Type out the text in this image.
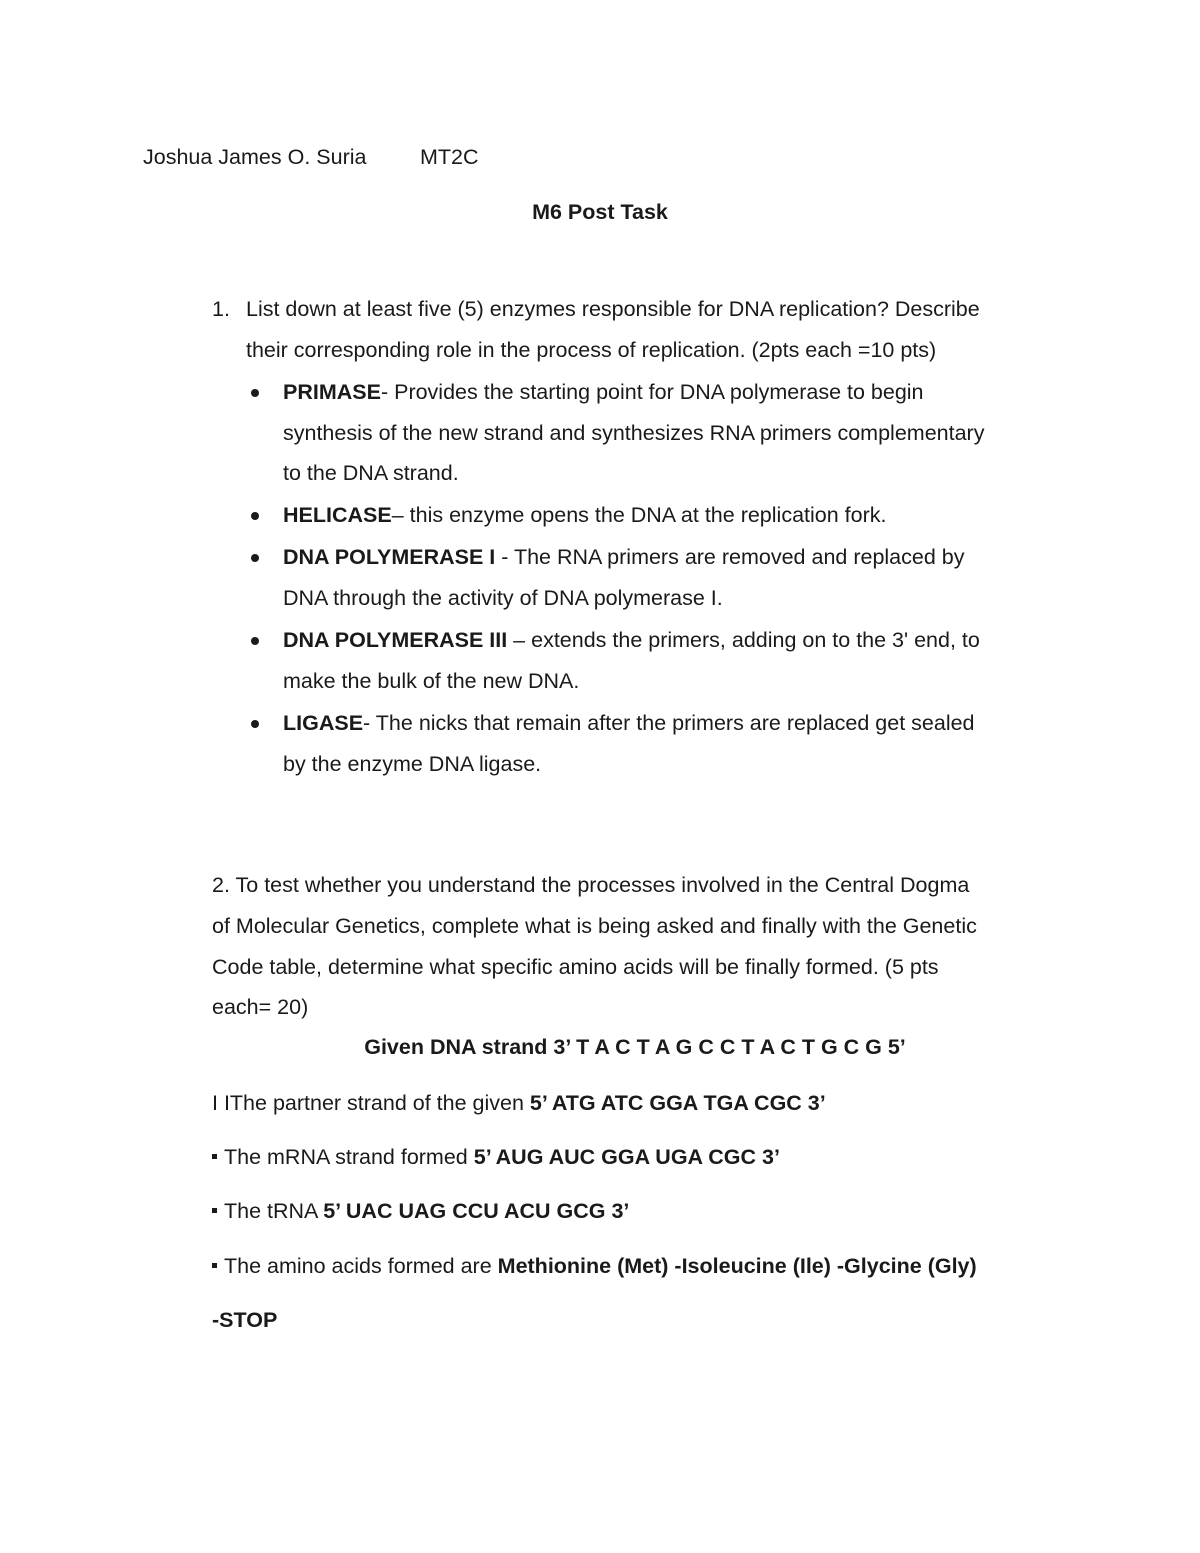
Joshua James O. Suria MT2C
M6 Post Task
1. List down at least five (5) enzymes responsible for DNA replication? Describe
their corresponding role in the process of replication. (2pts each =10 pts)
PRIMASE- Provides the starting point for DNA polymerase to begin
synthesis of the new strand and synthesizes RNA primers complementary
to the DNA strand.
HELICASE– this enzyme opens the DNA at the replication fork.
DNA POLYMERASE I - The RNA primers are removed and replaced by
DNA through the activity of DNA polymerase I.
DNA POLYMERASE III – extends the primers, adding on to the 3' end, to
make the bulk of the new DNA.
LIGASE- The nicks that remain after the primers are replaced get sealed
by the enzyme DNA ligase.
2. To test whether you understand the processes involved in the Central Dogma
of Molecular Genetics, complete what is being asked and finally with the Genetic
Code table, determine what specific amino acids will be finally formed. (5 pts
each= 20)
Given DNA strand 3’ T A C T A G C C T A C T G C G 5’
I IThe partner strand of the given 5’ ATG ATC GGA TGA CGC 3’
The mRNA strand formed 5’ AUG AUC GGA UGA CGC 3’
The tRNA 5’ UAC UAG CCU ACU GCG 3’
The amino acids formed are Methionine (Met) -Isoleucine (Ile) -Glycine (Gly)
-STOP
